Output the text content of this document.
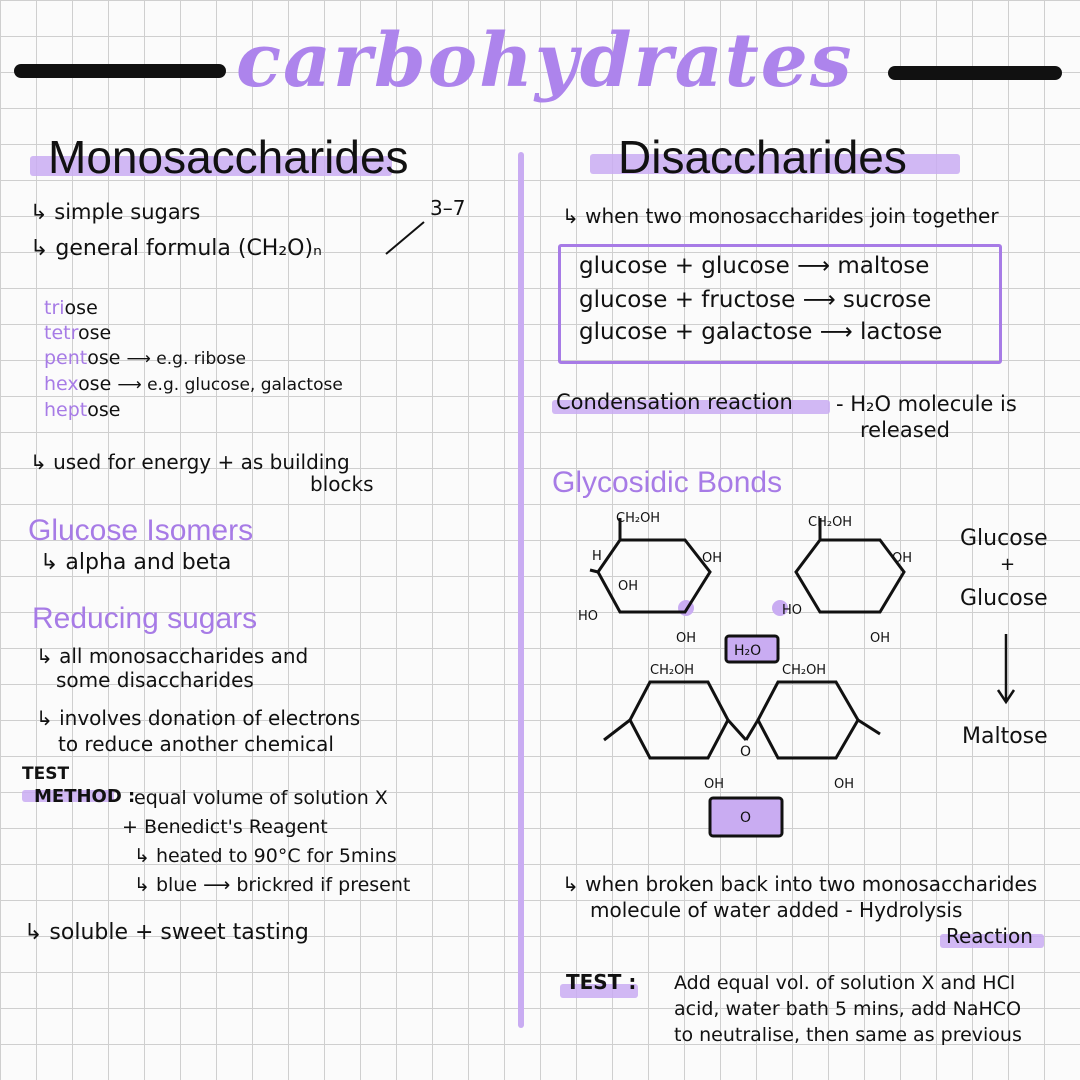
carbohydrates
Monosaccharides
↳ simple sugars
↳ general formula (CH₂O)ₙ
3–7
triose
tetrose
pentose ⟶ e.g. ribose
hexose ⟶ e.g. glucose, galactose
heptose
↳ used for energy + as building
blocks
Glucose Isomers
↳ alpha and beta
Reducing sugars
↳ all monosaccharides and
some disaccharides
↳ involves donation of electrons
to reduce another chemical
TEST
METHOD :
equal volume of solution X
+ Benedict's Reagent
↳ heated to 90°C for 5mins
↳ blue ⟶ brickred if present
↳ soluble + sweet tasting
Disaccharides
↳ when two monosaccharides join together
glucose + glucose ⟶ maltose
glucose + fructose ⟶ sucrose
glucose + galactose ⟶ lactose
Condensation reaction - H₂O molecule is
released
Glycosidic Bonds
CH₂OH	CH₂OH
H
OH
OH
HO
OH
OH
HO
OH
H₂O
CH₂OH	CH₂OH
O
OH	OH
O
Glucose
+
Glucose
Maltose
↳ when broken back into two monosaccharides
molecule of water added - Hydrolysis
Reaction
TEST : Add equal vol. of solution X and HCl
acid, water bath 5 mins, add NaHCO
to neutralise, then same as previous
